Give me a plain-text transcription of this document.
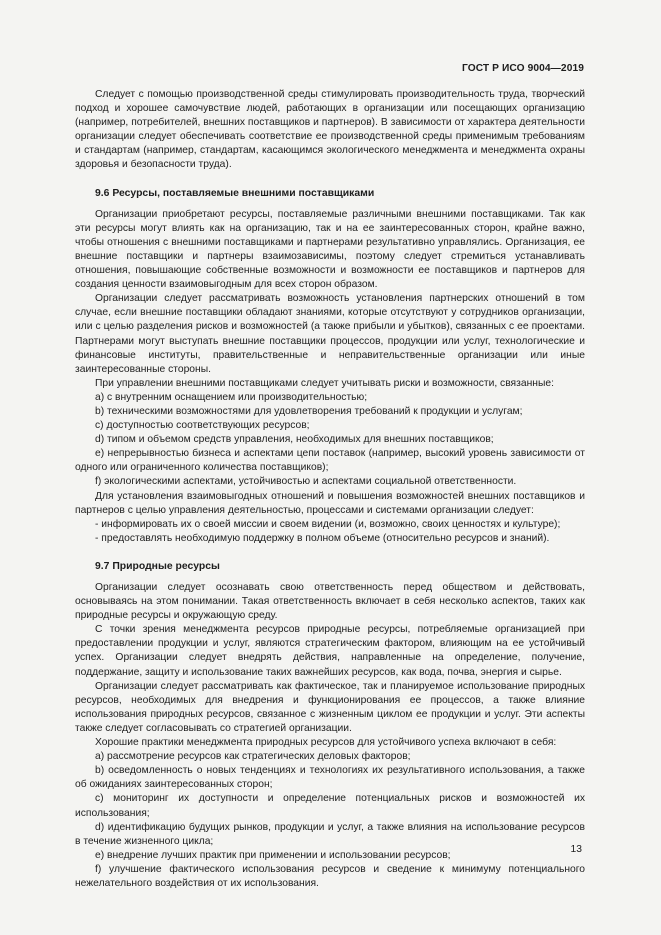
ГОСТ Р ИСО 9004—2019

Следует с помощью производственной среды стимулировать производительность труда, творческий подход и хорошее самочувствие людей, работающих в организации или посещающих организацию (например, потребителей, внешних поставщиков и партнеров). В зависимости от характера деятельности организации следует обеспечивать соответствие ее производственной среды применимым требованиям и стандартам (например, стандартам, касающимся экологического менеджмента и менеджмента охраны здоровья и безопасности труда).

9.6 Ресурсы, поставляемые внешними поставщиками

Организации приобретают ресурсы, поставляемые различными внешними поставщиками. Так как эти ресурсы могут влиять как на организацию, так и на ее заинтересованных сторон, крайне важно, чтобы отношения с внешними поставщиками и партнерами результативно управлялись. Организация, ее внешние поставщики и партнеры взаимозависимы, поэтому следует стремиться устанавливать отношения, повышающие собственные возможности и возможности ее поставщиков и партнеров для создания ценности взаимовыгодным для всех сторон образом.

Организации следует рассматривать возможность установления партнерских отношений в том случае, если внешние поставщики обладают знаниями, которые отсутствуют у сотрудников организации, или с целью разделения рисков и возможностей (а также прибыли и убытков), связанных с ее проектами. Партнерами могут выступать внешние поставщики процессов, продукции или услуг, технологические и финансовые институты, правительственные и неправительственные организации или иные заинтересованные стороны.

При управлении внешними поставщиками следует учитывать риски и возможности, связанные:

a) с внутренним оснащением или производительностью;

b) техническими возможностями для удовлетворения требований к продукции и услугам;

c) доступностью соответствующих ресурсов;

d) типом и объемом средств управления, необходимых для внешних поставщиков;

e) непрерывностью бизнеса и аспектами цепи поставок (например, высокий уровень зависимости от одного или ограниченного количества поставщиков);

f) экологическими аспектами, устойчивостью и аспектами социальной ответственности.

Для установления взаимовыгодных отношений и повышения возможностей внешних поставщиков и партнеров с целью управления деятельностью, процессами и системами организации следует:

- информировать их о своей миссии и своем видении (и, возможно, своих ценностях и культуре);

- предоставлять необходимую поддержку в полном объеме (относительно ресурсов и знаний).

9.7 Природные ресурсы

Организации следует осознавать свою ответственность перед обществом и действовать, основываясь на этом понимании. Такая ответственность включает в себя несколько аспектов, таких как природные ресурсы и окружающую среду.

С точки зрения менеджмента ресурсов природные ресурсы, потребляемые организацией при предоставлении продукции и услуг, являются стратегическим фактором, влияющим на ее устойчивый успех. Организации следует внедрять действия, направленные на определение, получение, поддержание, защиту и использование таких важнейших ресурсов, как вода, почва, энергия и сырье.

Организации следует рассматривать как фактическое, так и планируемое использование природных ресурсов, необходимых для внедрения и функционирования ее процессов, а также влияние использования природных ресурсов, связанное с жизненным циклом ее продукции и услуг. Эти аспекты также следует согласовывать со стратегией организации.

Хорошие практики менеджмента природных ресурсов для устойчивого успеха включают в себя:

a) рассмотрение ресурсов как стратегических деловых факторов;

b) осведомленность о новых тенденциях и технологиях их результативного использования, а также об ожиданиях заинтересованных сторон;

c) мониторинг их доступности и определение потенциальных рисков и возможностей их использования;

d) идентификацию будущих рынков, продукции и услуг, а также влияния на использование ресурсов в течение жизненного цикла;

e) внедрение лучших практик при применении и использовании ресурсов;

f) улучшение фактического использования ресурсов и сведение к минимуму потенциального нежелательного воздействия от их использования.

13
